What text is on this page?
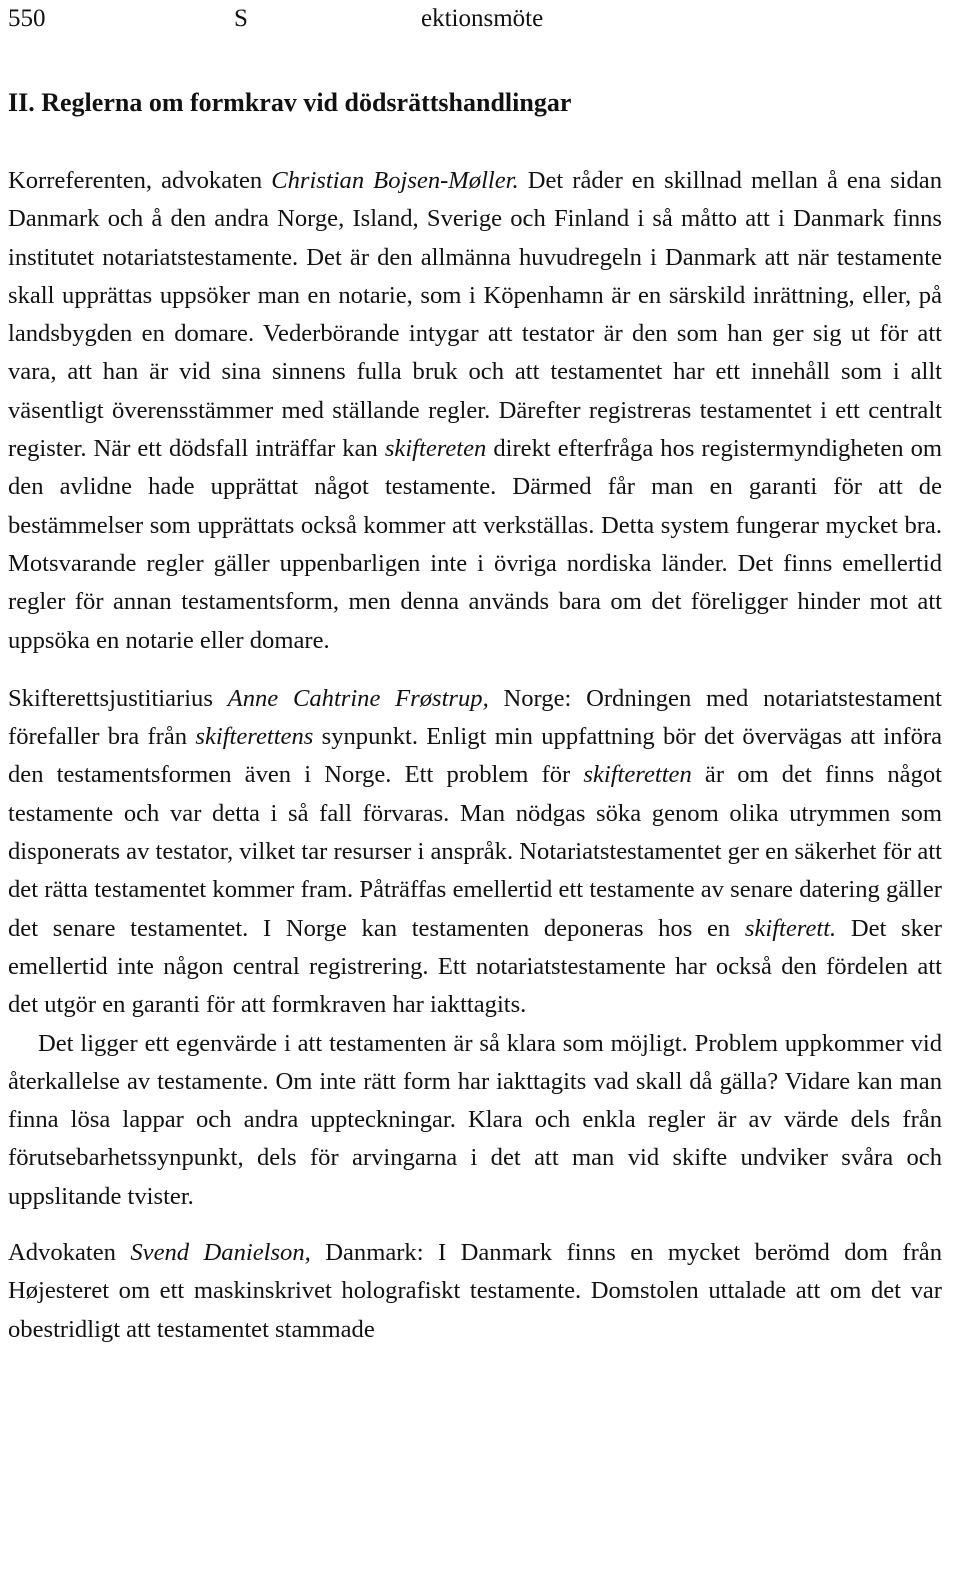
550	S	ektionsmöte
II. Reglerna om formkrav vid dödsrättshandlingar

Korreferenten, advokaten Christian Bojsen-Møller. Det råder en skillnad mellan å ena sidan Danmark och å den andra Norge, Island, Sverige och Finland i så måtto att i Danmark finns institutet notariatstestamente. Det är den allmänna huvudregeln i Danmark att när testamente skall upprättas uppsöker man en notarie, som i Köpenhamn är en särskild inrättning, eller, på landsbygden en domare. Vederbörande intygar att testator är den som han ger sig ut för att vara, att han är vid sina sinnens fulla bruk och att testamentet har ett innehåll som i allt väsentligt överensstämmer med ställande regler. Därefter registreras testamentet i ett centralt register. När ett dödsfall inträffar kan skiftereten direkt efterfråga hos registermyndigheten om den avlidne hade upprättat något testamente. Därmed får man en garanti för att de bestämmelser som upprättats också kommer att verkställas. Detta system fungerar mycket bra. Motsvarande regler gäller uppenbarligen inte i övriga nordiska länder. Det finns emellertid regler för annan testamentsform, men denna används bara om det föreligger hinder mot att uppsöka en notarie eller domare.

Skifterettsjustitiarius Anne Cahtrine Frøstrup, Norge: Ordningen med notariatstestament förefaller bra från skifterettens synpunkt. Enligt min uppfattning bör det övervägas att införa den testamentsformen även i Norge. Ett problem för skifteretten är om det finns något testamente och var detta i så fall förvaras. Man nödgas söka genom olika utrymmen som disponerats av testator, vilket tar resurser i anspråk. Notariatstestamentet ger en säkerhet för att det rätta testamentet kommer fram. Påträffas emellertid ett testamente av senare datering gäller det senare testamentet. I Norge kan testamenten deponeras hos en skifterett. Det sker emellertid inte någon central registrering. Ett notariatstestamente har också den fördelen att det utgör en garanti för att formkraven har iakttagits.

Det ligger ett egenvärde i att testamenten är så klara som möjligt. Problem uppkommer vid återkallelse av testamente. Om inte rätt form har iakttagits vad skall då gälla? Vidare kan man finna lösa lappar och andra uppteckningar. Klara och enkla regler är av värde dels från förutsebarhetssynpunkt, dels för arvingarna i det att man vid skifte undviker svåra och uppslitande tvister.

Advokaten Svend Danielson, Danmark: I Danmark finns en mycket berömd dom från Højesteret om ett maskinskrivet holografiskt testamente. Domstolen uttalade att om det var obestridligt att testamentet stammade
